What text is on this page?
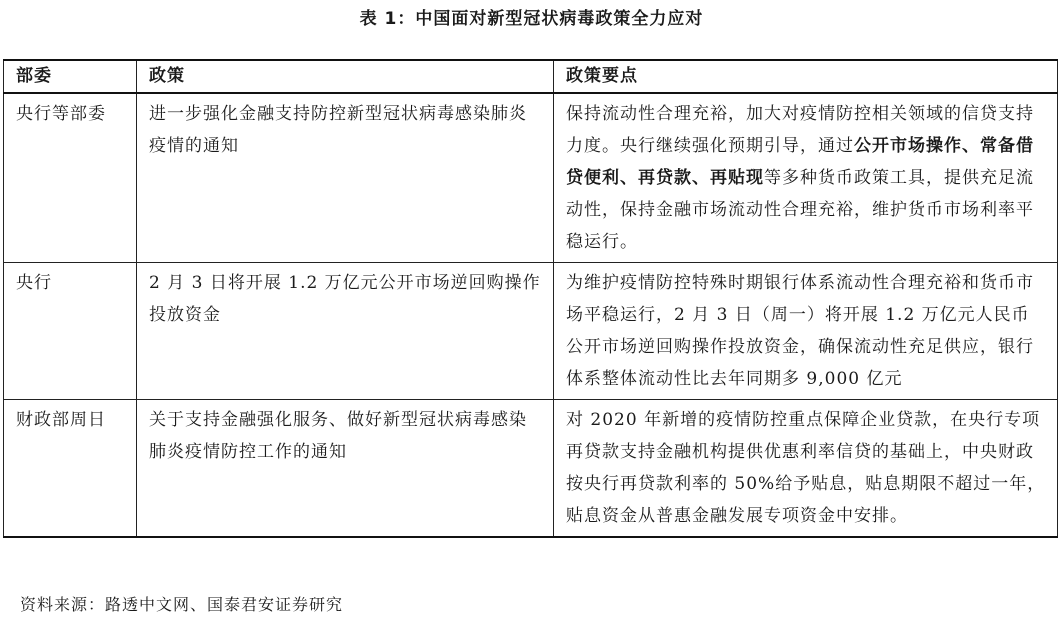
表 1：中国面对新型冠状病毒政策全力应对
部委	政策	政策要点
央行等部委	进一步强化金融支持防控新型冠状病毒感染肺炎疫情的通知	保持流动性合理充裕，加大对疫情防控相关领域的信贷支持力度。央行继续强化预期引导，通过公开市场操作、常备借贷便利、再贷款、再贴现等多种货币政策工具，提供充足流动性，保持金融市场流动性合理充裕，维护货币市场利率平稳运行。
央行	2 月 3 日将开展 1.2 万亿元公开市场逆回购操作投放资金	为维护疫情防控特殊时期银行体系流动性合理充裕和货币市场平稳运行，2 月 3 日（周一）将开展 1.2 万亿元人民币公开市场逆回购操作投放资金，确保流动性充足供应，银行体系整体流动性比去年同期多 9,000 亿元
财政部周日	关于支持金融强化服务、做好新型冠状病毒感染肺炎疫情防控工作的通知	对 2020 年新增的疫情防控重点保障企业贷款，在央行专项再贷款支持金融机构提供优惠利率信贷的基础上，中央财政按央行再贷款利率的 50%给予贴息，贴息期限不超过一年，贴息资金从普惠金融发展专项资金中安排。
资料来源：路透中文网、国泰君安证券研究
